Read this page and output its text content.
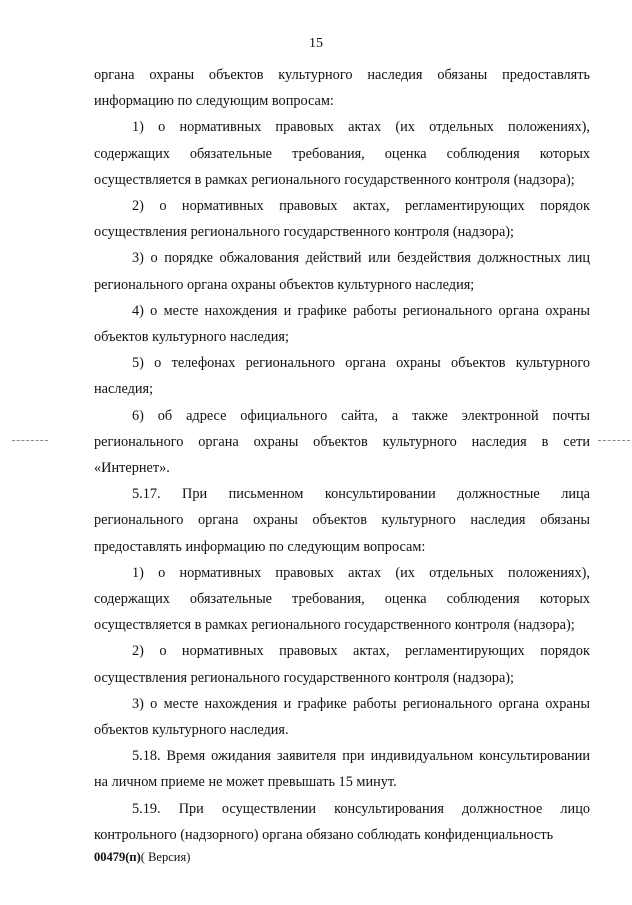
15

органа охраны объектов культурного наследия обязаны предоставлять информацию по следующим вопросам:

1) о нормативных правовых актах (их отдельных положениях), содержащих обязательные требования, оценка соблюдения которых осуществляется в рамках регионального государственного контроля (надзора);

2) о нормативных правовых актах, регламентирующих порядок осуществления регионального государственного контроля (надзора);

3) о порядке обжалования действий или бездействия должностных лиц регионального органа охраны объектов культурного наследия;

4) о месте нахождения и графике работы регионального органа охраны объектов культурного наследия;

5) о телефонах регионального органа охраны объектов культурного наследия;

6) об адресе официального сайта, а также электронной почты регионального органа охраны объектов культурного наследия в сети «Интернет».

5.17. При письменном консультировании должностные лица регионального органа охраны объектов культурного наследия обязаны предоставлять информацию по следующим вопросам:

1) о нормативных правовых актах (их отдельных положениях), содержащих обязательные требования, оценка соблюдения которых осуществляется в рамках регионального государственного контроля (надзора);

2) о нормативных правовых актах, регламентирующих порядок осуществления регионального государственного контроля (надзора);

3) о месте нахождения и графике работы регионального органа охраны объектов культурного наследия.

5.18. Время ожидания заявителя при индивидуальном консультировании на личном приеме не может превышать 15 минут.

5.19. При осуществлении консультирования должностное лицо контрольного (надзорного) органа обязано соблюдать конфиденциальность

00479(п)( Версия)
